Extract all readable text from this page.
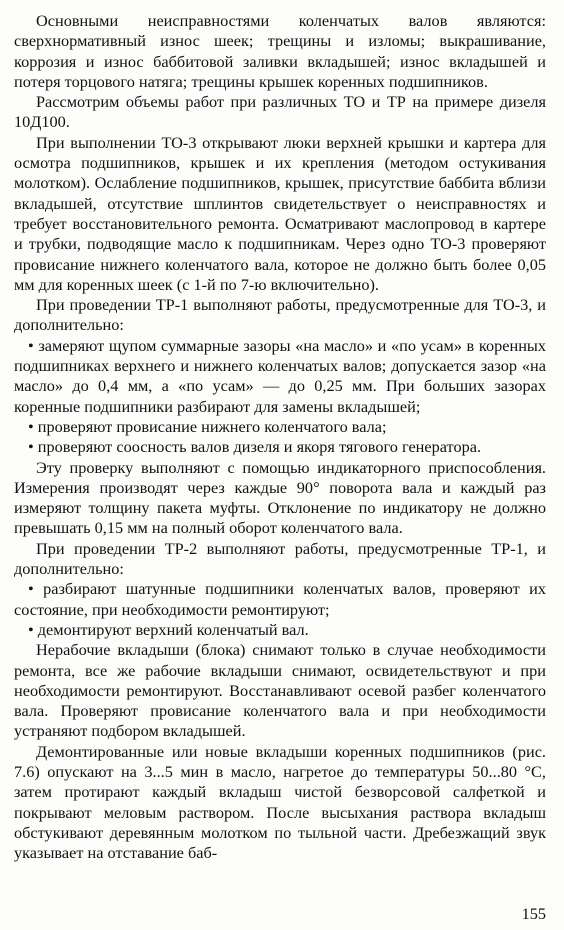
Основными неисправностями коленчатых валов являются: сверхнормативный износ шеек; трещины и изломы; выкрашивание, коррозия и износ баббитовой заливки вкладышей; износ вкладышей и потеря торцового натяга; трещины крышек коренных подшипников.

Рассмотрим объемы работ при различных ТО и ТР на примере дизеля 10Д100.

При выполнении ТО-3 открывают люки верхней крышки и картера для осмотра подшипников, крышек и их крепления (методом остукивания молотком). Ослабление подшипников, крышек, присутствие баббита вблизи вкладышей, отсутствие шплинтов свидетельствует о неисправностях и требует восстановительного ремонта. Осматривают маслопровод в картере и трубки, подводящие масло к подшипникам. Через одно ТО-3 проверяют провисание нижнего коленчатого вала, которое не должно быть более 0,05 мм для коренных шеек (с 1-й по 7-ю включительно).

При проведении ТР-1 выполняют работы, предусмотренные для ТО-3, и дополнительно:

• замеряют щупом суммарные зазоры «на масло» и «по усам» в коренных подшипниках верхнего и нижнего коленчатых валов; допускается зазор «на масло» до 0,4 мм, а «по усам» — до 0,25 мм. При больших зазорах коренные подшипники разбирают для замены вкладышей;

• проверяют провисание нижнего коленчатого вала;

• проверяют соосность валов дизеля и якоря тягового генератора.

Эту проверку выполняют с помощью индикаторного приспособления. Измерения производят через каждые 90° поворота вала и каждый раз измеряют толщину пакета муфты. Отклонение по индикатору не должно превышать 0,15 мм на полный оборот коленчатого вала.

При проведении ТР-2 выполняют работы, предусмотренные ТР-1, и дополнительно:

• разбирают шатунные подшипники коленчатых валов, проверяют их состояние, при необходимости ремонтируют;

• демонтируют верхний коленчатый вал.

Нерабочие вкладыши (блока) снимают только в случае необходимости ремонта, все же рабочие вкладыши снимают, освидетельствуют и при необходимости ремонтируют. Восстанавливают осевой разбег коленчатого вала. Проверяют провисание коленчатого вала и при необходимости устраняют подбором вкладышей.

Демонтированные или новые вкладыши коренных подшипников (рис. 7.6) опускают на 3...5 мин в масло, нагретое до температуры 50...80 °С, затем протирают каждый вкладыш чистой безворсовой салфеткой и покрывают меловым раствором. После высыхания раствора вкладыш обстукивают деревянным молотком по тыльной части. Дребезжащий звук указывает на отставание баб-

155
